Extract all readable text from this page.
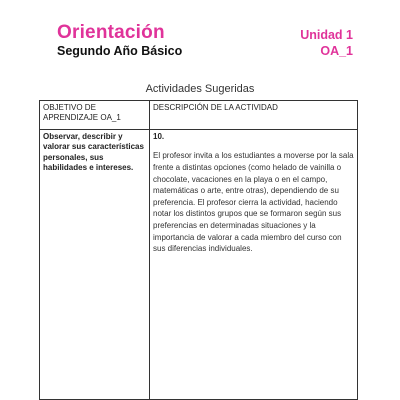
Orientación
Segundo Año Básico
Unidad 1
OA_1
Actividades Sugeridas
OBJETIVO DE APRENDIZAJE OA_1	DESCRIPCIÓN DE LA ACTIVIDAD
Observar, describir y valorar sus características personales, sus habilidades e intereses.	10.
El profesor invita a los estudiantes a moverse por la sala frente a distintas opciones (como helado de vainilla o chocolate, vacaciones en la playa o en el campo, matemáticas o arte, entre otras), dependiendo de su preferencia. El profesor cierra la actividad, haciendo notar los distintos grupos que se formaron según sus preferencias en determinadas situaciones y la importancia de valorar a cada miembro del curso con sus diferencias individuales.
